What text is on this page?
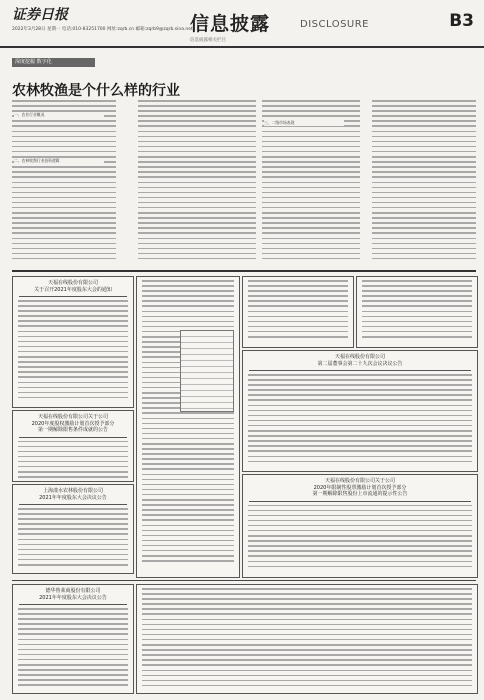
证券日报
2022年3月28日 星期一 电话:010-83251700 网址:zqrb.cn 邮箱:zqrb9@zqrb.sina.net
信息披露	DISCLOSURE
信息披露相关栏目
B3
深度挖掘 数字化
农林牧渔是个什么样的行业
一、农业行业概况
二、农林牧渔行业投资逻辑
三、二级市场表现
天福在线股份有限公司
关于召开2021年度股东大会的通知
天福在线股份有限公司关于公司
2020年度股权激励计划首次授予部分
第一期解除限售条件成就的公告
天福在线股份有限公司
第二届董事会第二十九次会议决议公告
天福在线股份有限公司关于公司
2020年限制性股票激励计划首次授予部分
第一期解除限售股份上市流通的提示性公告
上海漾水农林股份有限公司
2021年年度股东大会决议公告
德华鲁莱商股份有限公司
2021年年度股东大会决议公告
